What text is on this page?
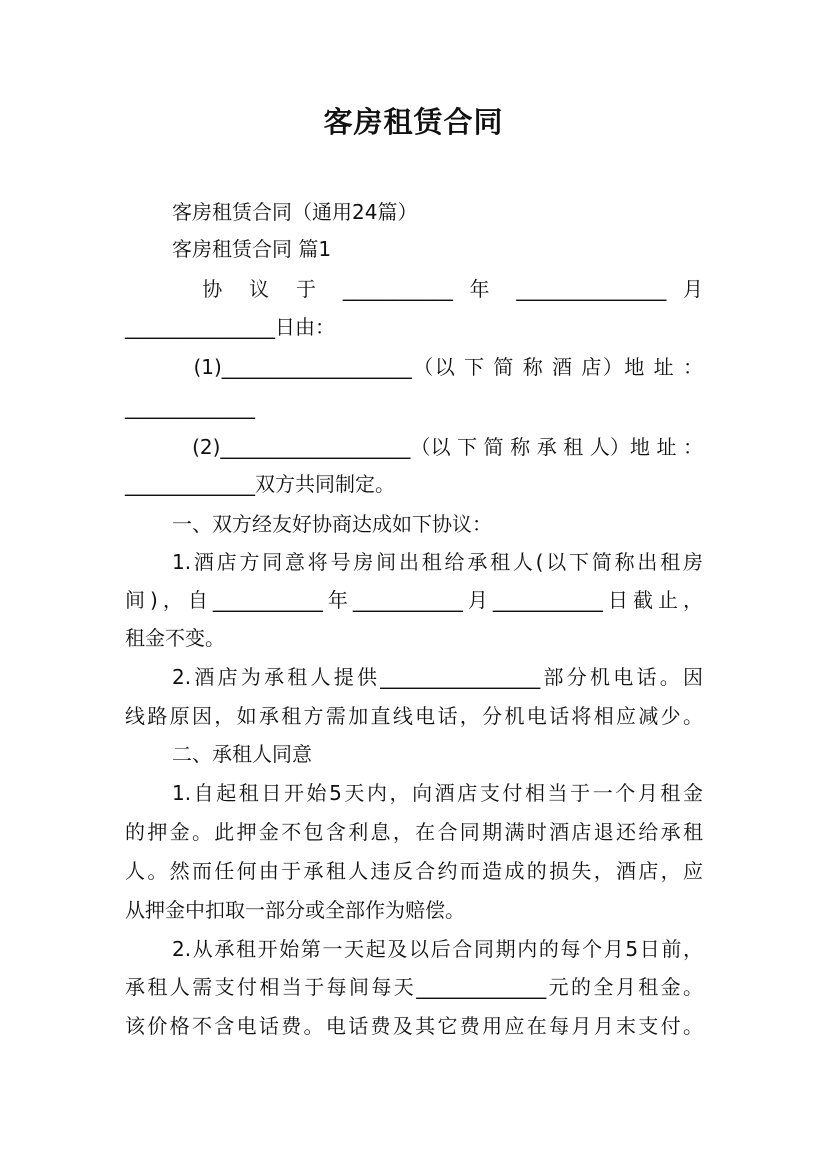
客房租赁合同
客房租赁合同（通用24篇）
客房租赁合同 篇1
　协 议 于 ___________ 年 _______________ 月
_______________日由：
　(1)___________________（以 下 简 称 酒 店）地 址 ：
_____________
　(2)___________________（以 下 简 称 承 租 人）地 址 ：
_____________双方共同制定。
一、双方经友好协商达成如下协议：
1.酒店方同意将号房间出租给承租人(以下简称出租房
间)，自___________年___________月___________日截止，
租金不变。
2.酒店为承租人提供________________部分机电话。因
线路原因，如承租方需加直线电话，分机电话将相应减少。
二、承租人同意
1.自起租日开始5天内，向酒店支付相当于一个月租金
的押金。此押金不包含利息，在合同期满时酒店退还给承租
人。然而任何由于承租人违反合约而造成的损失，酒店，应
从押金中扣取一部分或全部作为赔偿。
2.从承租开始第一天起及以后合同期内的每个月5日前，
承租人需支付相当于每间每天_____________元的全月租金。
该价格不含电话费。电话费及其它费用应在每月月末支付。
